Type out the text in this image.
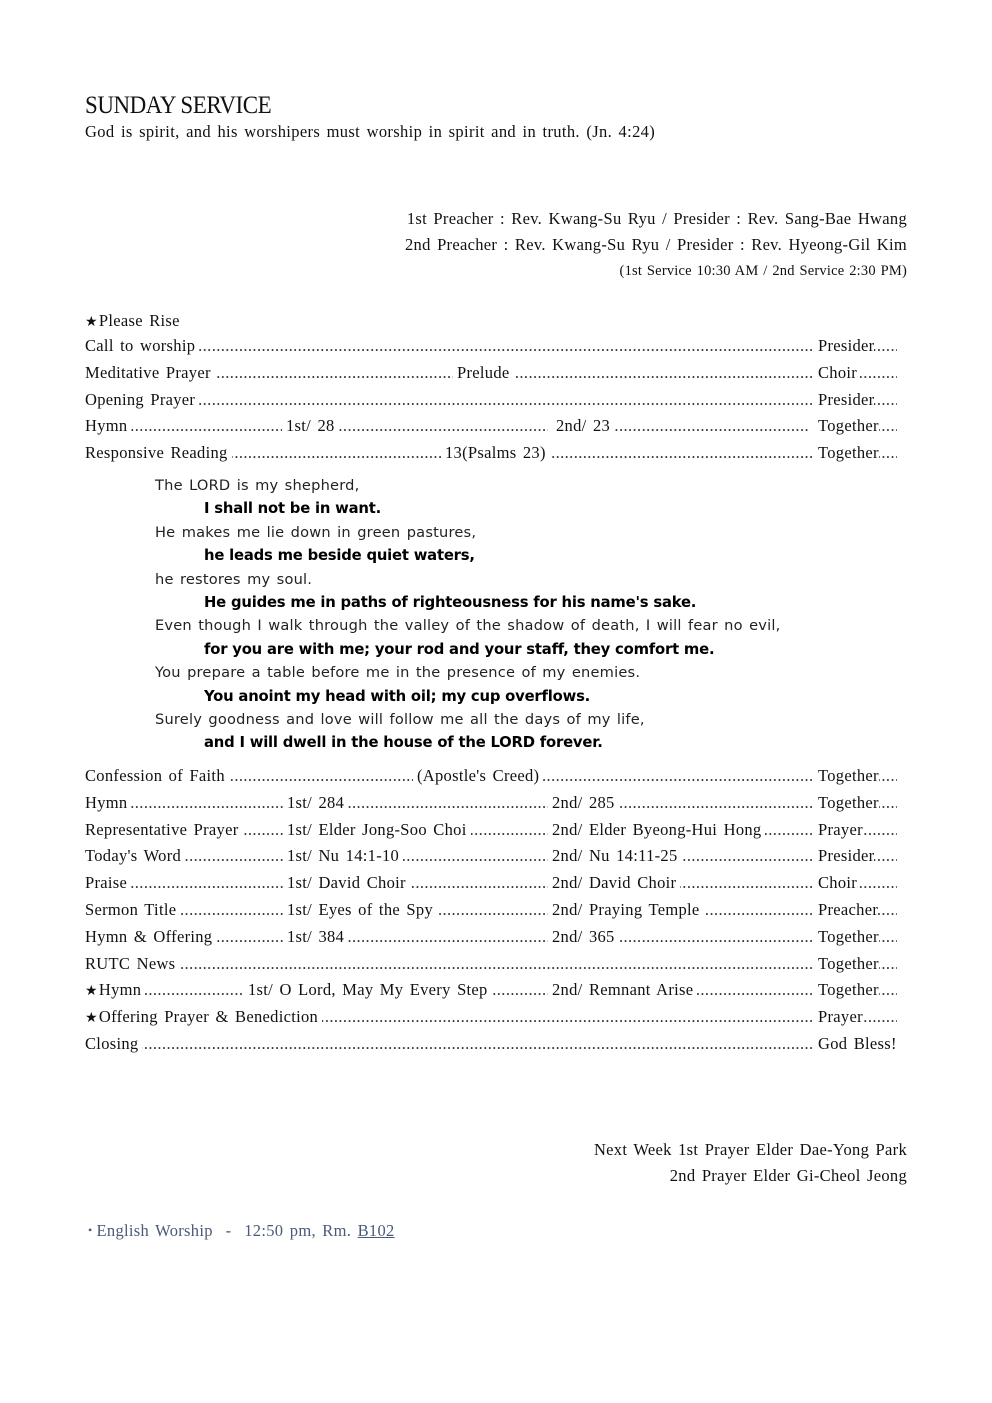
SUNDAY SERVICE
God is spirit, and his worshipers must worship in spirit and in truth. (Jn. 4:24)
1st Preacher : Rev. Kwang-Su Ryu / Presider : Rev. Sang-Bae Hwang
2nd Preacher : Rev. Kwang-Su Ryu / Presider : Rev. Hyeong-Gil Kim
(1st Service 10:30 AM / 2nd Service 2:30 PM)
★Please Rise
.....
Call to worship	Presider
.....
Meditative Prayer	Prelude	Choir
.....
Opening Prayer	Presider
.....
Hymn	1st/ 28	2nd/ 23	Together
.....
Responsive Reading	13(Psalms 23)	Together
The LORD is my shepherd,
I shall not be in want.
He makes me lie down in green pastures,
he leads me beside quiet waters,
he restores my soul.
He guides me in paths of righteousness for his name's sake.
Even though I walk through the valley of the shadow of death, I will fear no evil,
for you are with me; your rod and your staff, they comfort me.
You prepare a table before me in the presence of my enemies.
You anoint my head with oil; my cup overflows.
Surely goodness and love will follow me all the days of my life,
and I will dwell in the house of the LORD forever.
.....
Confession of Faith	(Apostle's Creed)	Together
.....
Hymn	1st/ 284	2nd/ 285	Together
.....
Representative Prayer	1st/ Elder Jong-Soo Choi	2nd/ Elder Byeong-Hui Hong	Prayer
.....
Today's Word	1st/ Nu 14:1-10	2nd/ Nu 14:11-25	Presider
.....
Praise	1st/ David Choir	2nd/ David Choir	Choir
.....
Sermon Title	1st/ Eyes of the Spy	2nd/ Praying Temple	Preacher
.....
Hymn & Offering	1st/ 384	2nd/ 365	Together
.....
RUTC News	Together
.....
★Hymn	1st/ O Lord, May My Every Step	2nd/ Remnant Arise	Together
.....
★Offering Prayer & Benediction	Prayer
.....
Closing	God Bless!
Next Week 1st Prayer Elder Dae-Yong Park
2nd Prayer Elder Gi-Cheol Jeong
• English Worship  -  12:50 pm, Rm. B102
